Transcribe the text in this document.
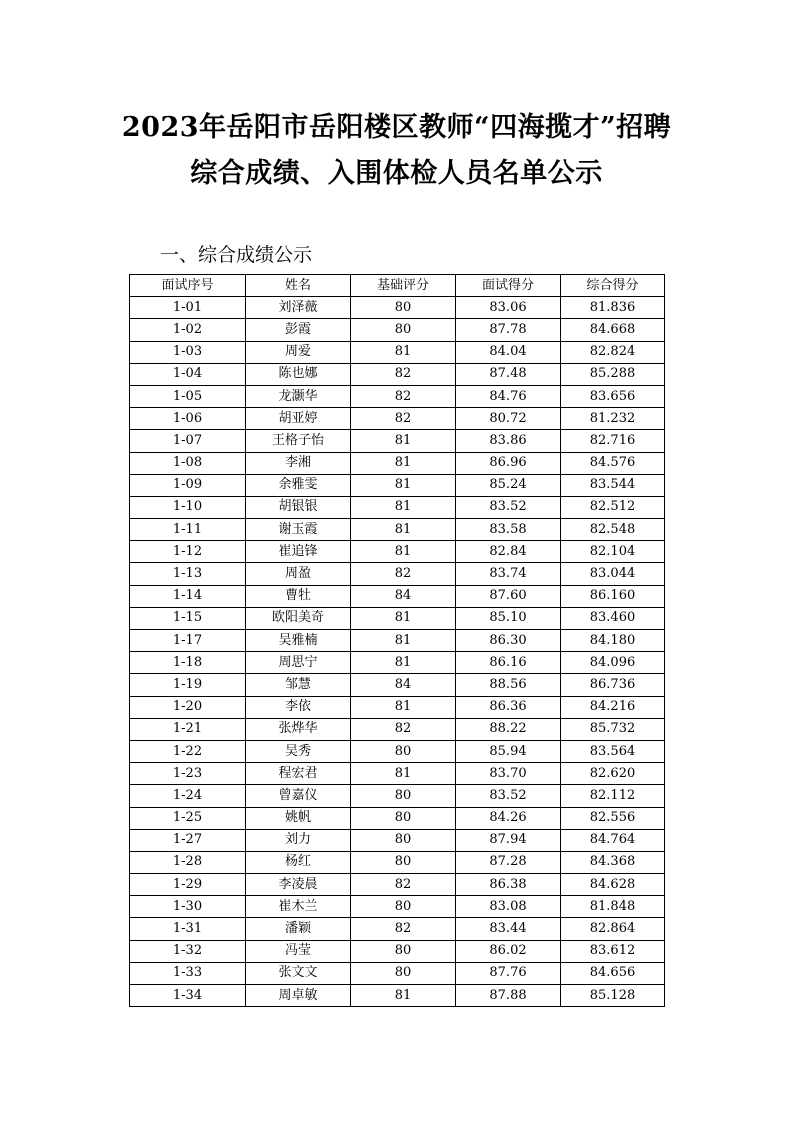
2023年岳阳市岳阳楼区教师“四海揽才”招聘
综合成绩、入围体检人员名单公示
一、综合成绩公示
面试序号	姓名	基础评分	面试得分	综合得分
1-01	刘泽薇	80	83.06	81.836
1-02	彭霞	80	87.78	84.668
1-03	周爱	81	84.04	82.824
1-04	陈也娜	82	87.48	85.288
1-05	龙灏华	82	84.76	83.656
1-06	胡亚婷	82	80.72	81.232
1-07	王格子怡	81	83.86	82.716
1-08	李湘	81	86.96	84.576
1-09	余雅雯	81	85.24	83.544
1-10	胡银银	81	83.52	82.512
1-11	谢玉霞	81	83.58	82.548
1-12	崔追锋	81	82.84	82.104
1-13	周盈	82	83.74	83.044
1-14	曹牡	84	87.60	86.160
1-15	欧阳美奇	81	85.10	83.460
1-17	吴雅楠	81	86.30	84.180
1-18	周思宁	81	86.16	84.096
1-19	邹慧	84	88.56	86.736
1-20	李依	81	86.36	84.216
1-21	张烨华	82	88.22	85.732
1-22	吴秀	80	85.94	83.564
1-23	程宏君	81	83.70	82.620
1-24	曾嘉仪	80	83.52	82.112
1-25	姚帆	80	84.26	82.556
1-27	刘力	80	87.94	84.764
1-28	杨红	80	87.28	84.368
1-29	李凌晨	82	86.38	84.628
1-30	崔木兰	80	83.08	81.848
1-31	潘颖	82	83.44	82.864
1-32	冯莹	80	86.02	83.612
1-33	张文文	80	87.76	84.656
1-34	周卓敏	81	87.88	85.128
